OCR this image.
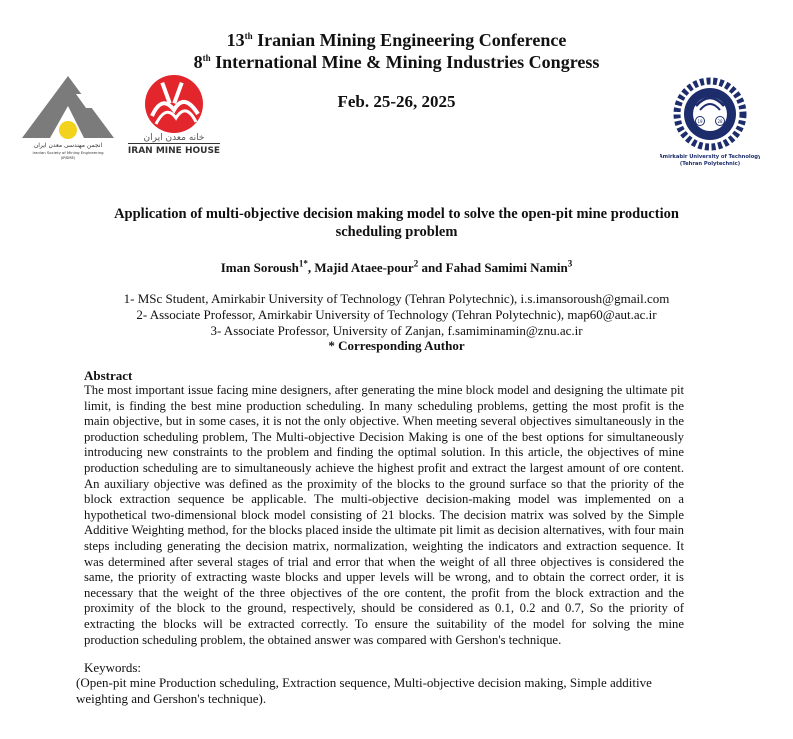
13th Iranian Mining Engineering Conference
8th International Mine & Mining Industries Congress
Feb. 25-26, 2025
انجمن مهندسی معدن ایران
Iranian Society of Mining Engineering
(IRSME)
خانه معدن ایران
IRAN MINE HOUSE
19	28
Amirkabir University of Technology
(Tehran Polytechnic)
Application of multi-objective decision making model to solve the open-pit mine production
scheduling problem
Iman Soroush$^{1*}$, Majid Ataee-pour$^2$ and Fahad Samimi Namin$^3$
1- MSc Student, Amirkabir University of Technology (Tehran Polytechnic), i.s.imansoroush@gmail.com
2- Associate Professor, Amirkabir University of Technology (Tehran Polytechnic), map60@aut.ac.ir
3- Associate Professor, University of Zanjan, f.samiminamin@znu.ac.ir
* Corresponding Author
Abstract
The most important issue facing mine designers, after generating the mine block model and designing the ultimate pit limit, is finding the best mine production scheduling. In many scheduling problems, getting the most profit is the main objective, but in some cases, it is not the only objective. When meeting several objectives simultaneously in the production scheduling problem, The Multi-objective Decision Making is one of the best options for simultaneously introducing new constraints to the problem and finding the optimal solution. In this article, the objectives of mine production scheduling are to simultaneously achieve the highest profit and extract the largest amount of ore content. An auxiliary objective was defined as the proximity of the blocks to the ground surface so that the priority of the block extraction sequence be applicable. The multi-objective decision-making model was implemented on a hypothetical two-dimensional block model consisting of 21 blocks. The decision matrix was solved by the Simple Additive Weighting method, for the blocks placed inside the ultimate pit limit as decision alternatives, with four main steps including generating the decision matrix, normalization, weighting the indicators and extraction sequence. It was determined after several stages of trial and error that when the weight of all three objectives is considered the same, the priority of extracting waste blocks and upper levels will be wrong, and to obtain the correct order, it is necessary that the weight of the three objectives of the ore content, the profit from the block extraction and the proximity of the block to the ground, respectively, should be considered as 0.1, 0.2 and 0.7, So the priority of extracting the blocks will be extracted correctly. To ensure the suitability of the model for solving the mine production scheduling problem, the obtained answer was compared with Gershon's technique.
Keywords:
(Open-pit mine Production scheduling, Extraction sequence, Multi-objective decision making, Simple additive weighting and Gershon's technique).
